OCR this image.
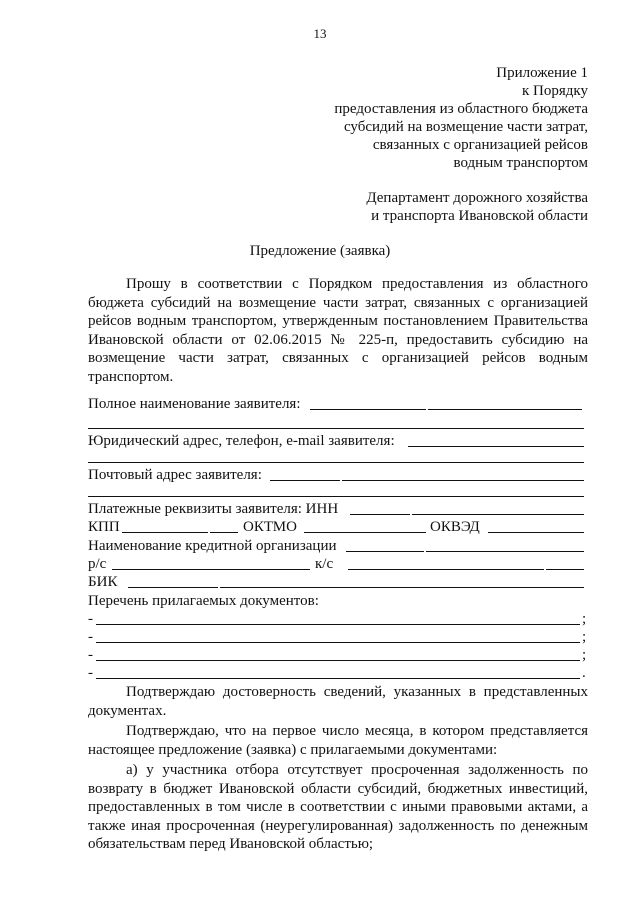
13
Приложение 1
к Порядку
предоставления из областного бюджета
субсидий на возмещение части затрат,
связанных с организацией рейсов
водным транспортом
Департамент дорожного хозяйства
и транспорта Ивановской области
Предложение (заявка)
Прошу в соответствии с Порядком предоставления из областного бюджета субсидий на возмещение части затрат, связанных с организацией рейсов водным транспортом, утвержденным постановлением Правительства Ивановской области от 02.06.2015 № 225-п, предоставить субсидию на возмещение части затрат, связанных с организацией рейсов водным транспортом.
Полное наименование заявителя:
Юридический адрес, телефон, e-mail заявителя:
Почтовый адрес заявителя:
Платежные реквизиты заявителя: ИНН
КПП	ОКТМО	ОКВЭД
Наименование кредитной организации
р/с	к/с
БИК
Перечень прилагаемых документов:
-	;
-	;
-	;
-	.
Подтверждаю достоверность сведений, указанных в представленных документах.
Подтверждаю, что на первое число месяца, в котором представляется настоящее предложение (заявка) с прилагаемыми документами:
а) у участника отбора отсутствует просроченная задолженность по возврату в бюджет Ивановской области субсидий, бюджетных инвестиций, предоставленных в том числе в соответствии с иными правовыми актами, а также иная просроченная (неурегулированная) задолженность по денежным обязательствам перед Ивановской областью;
